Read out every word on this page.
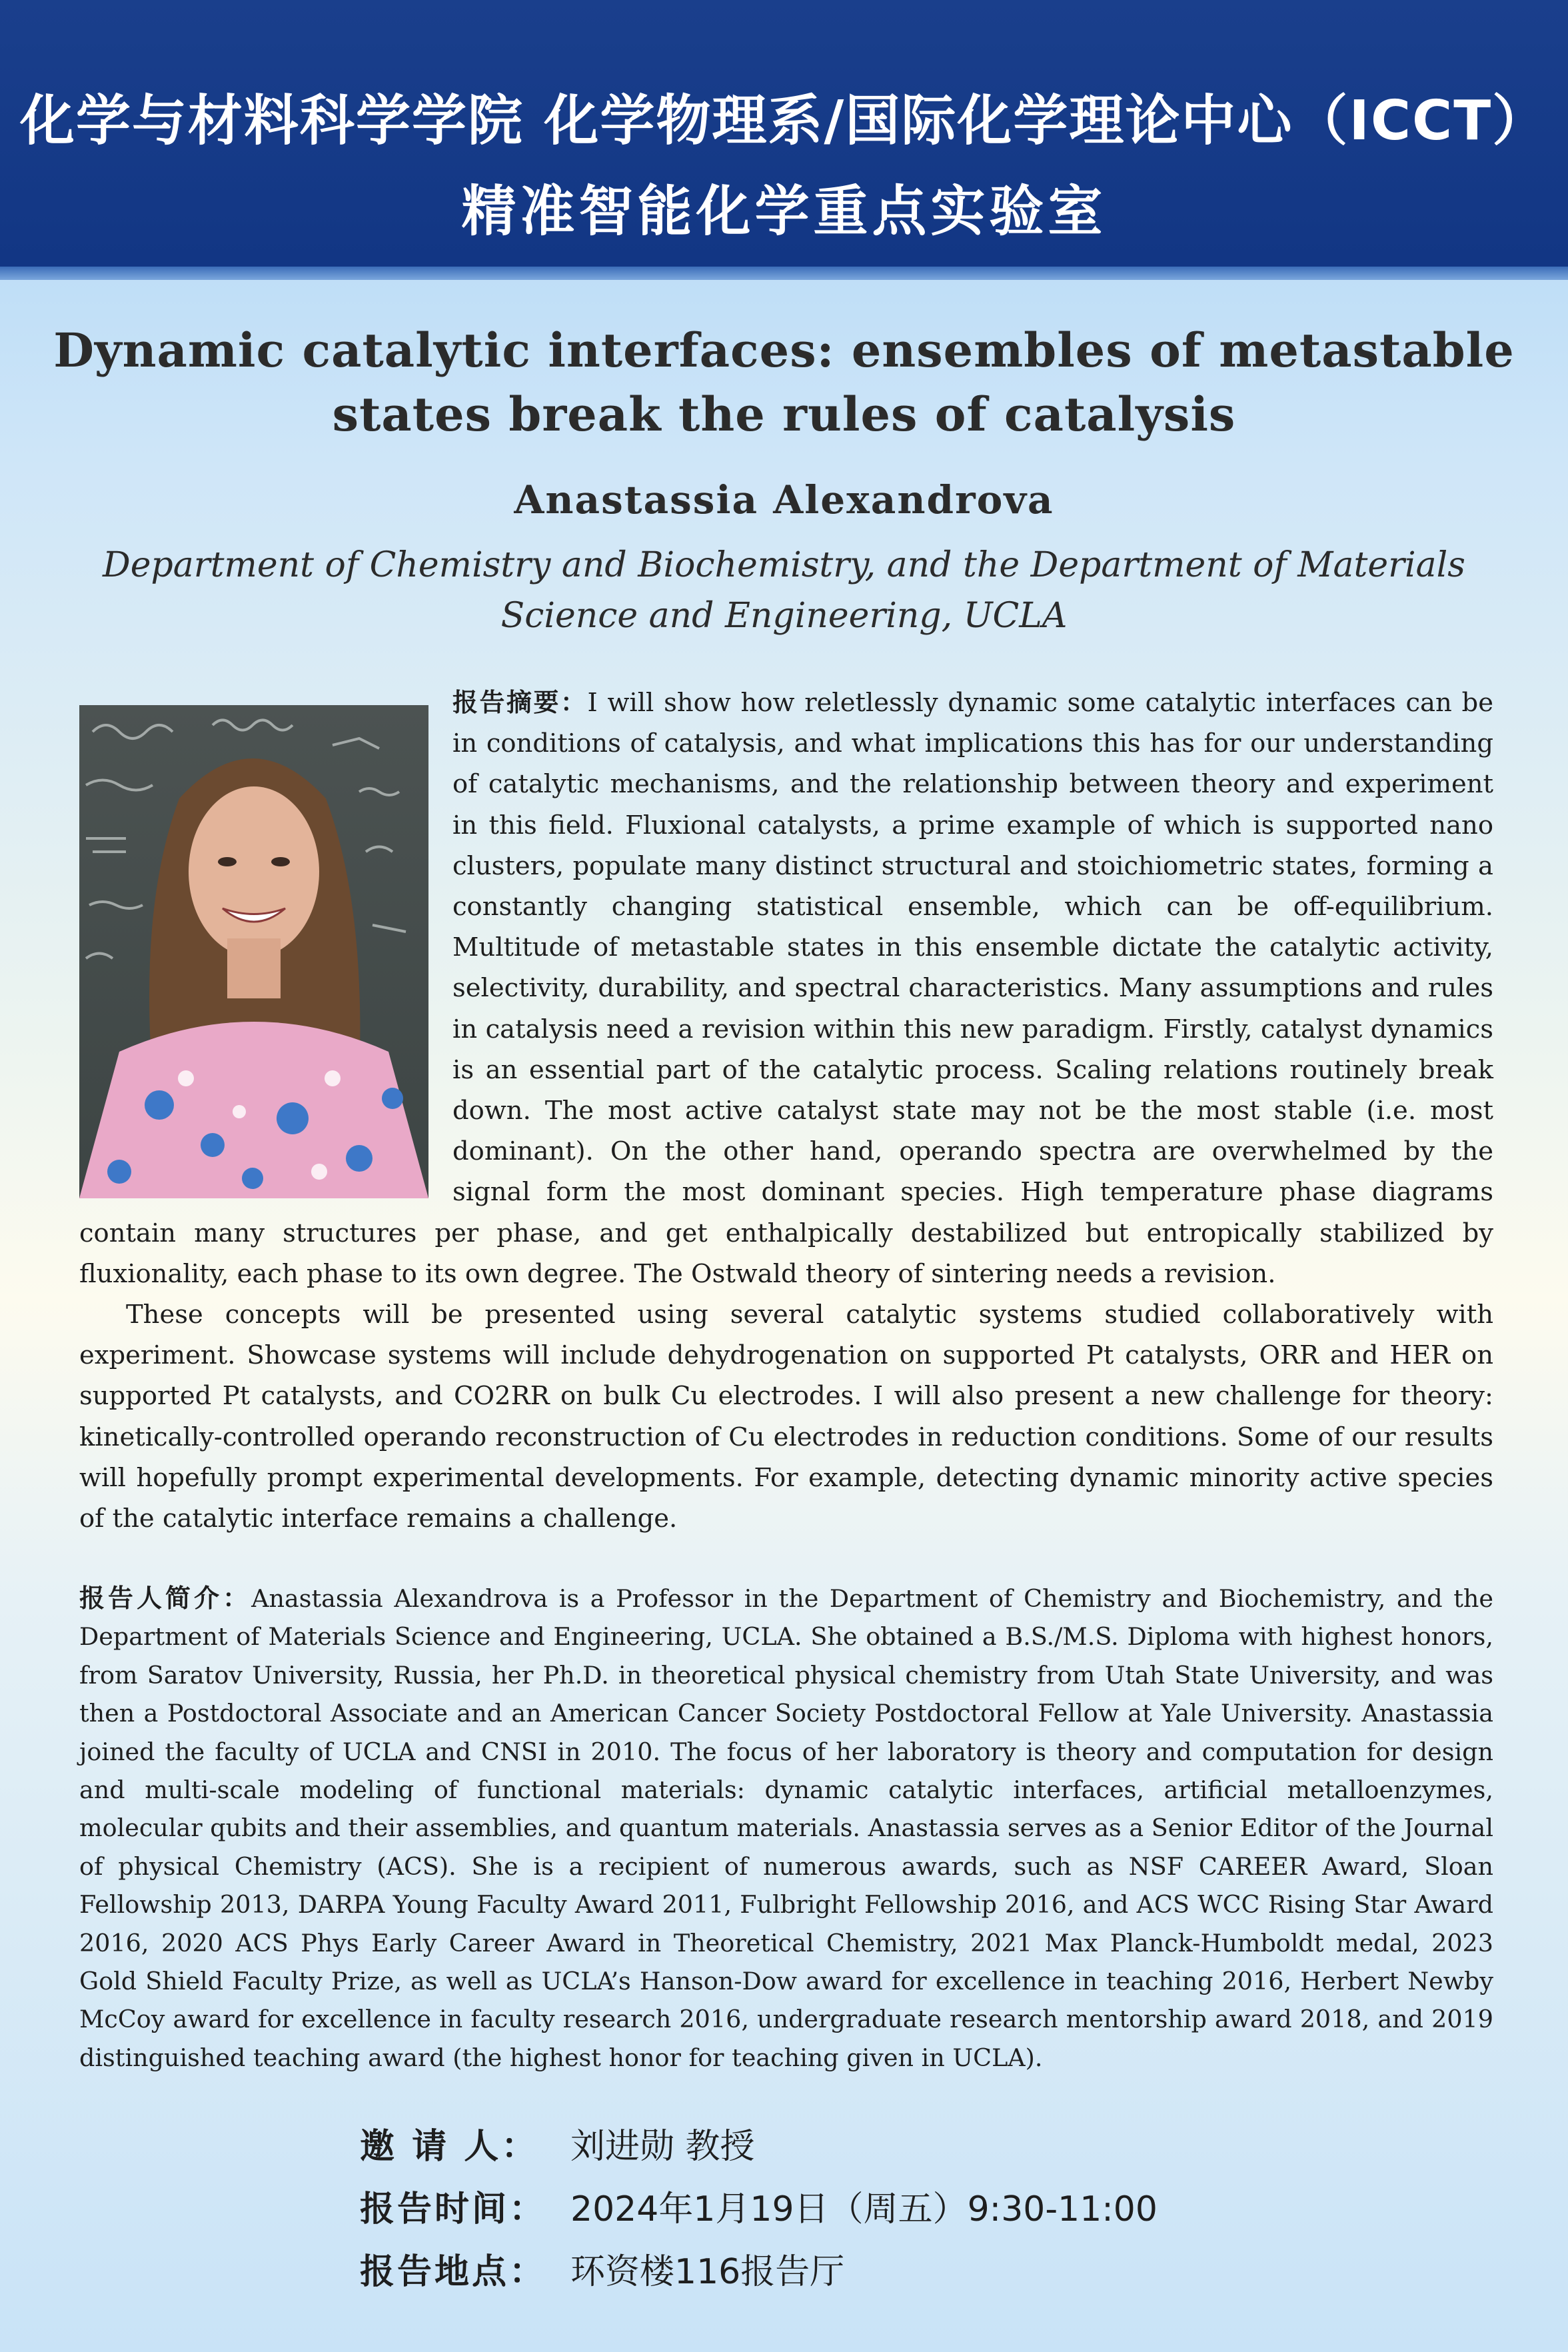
化学与材料科学学院 化学物理系/国际化学理论中心（ICCT）
精准智能化学重点实验室
Dynamic catalytic interfaces: ensembles of metastable states break the rules of catalysis
Anastassia Alexandrova
Department of Chemistry and Biochemistry, and the Department of Materials Science and Engineering, UCLA

报告摘要：I will show how reletlessly dynamic some catalytic interfaces can be in conditions of catalysis, and what implications this has for our understanding of catalytic mechanisms, and the relationship between theory and experiment in this field. Fluxional catalysts, a prime example of which is supported nano clusters, populate many distinct structural and stoichiometric states, forming a constantly changing statistical ensemble, which can be off-equilibrium. Multitude of metastable states in this ensemble dictate the catalytic activity, selectivity, durability, and spectral characteristics. Many assumptions and rules in catalysis need a revision within this new paradigm. Firstly, catalyst dynamics is an essential part of the catalytic process. Scaling relations routinely break down. The most active catalyst state may not be the most stable (i.e. most dominant). On the other hand, operando spectra are overwhelmed by the signal form the most dominant species. High temperature phase diagrams contain many structures per phase, and get enthalpically destabilized but entropically stabilized by fluxionality, each phase to its own degree. The Ostwald theory of sintering needs a revision.

These concepts will be presented using several catalytic systems studied collaboratively with experiment. Showcase systems will include dehydrogenation on supported Pt catalysts, ORR and HER on supported Pt catalysts, and CO2RR on bulk Cu electrodes. I will also present a new challenge for theory: kinetically-controlled operando reconstruction of Cu electrodes in reduction conditions. Some of our results will hopefully prompt experimental developments. For example, detecting dynamic minority active species of the catalytic interface remains a challenge.

报告人简介：Anastassia Alexandrova is a Professor in the Department of Chemistry and Biochemistry, and the Department of Materials Science and Engineering, UCLA. She obtained a B.S./M.S. Diploma with highest honors, from Saratov University, Russia, her Ph.D. in theoretical physical chemistry from Utah State University, and was then a Postdoctoral Associate and an American Cancer Society Postdoctoral Fellow at Yale University. Anastassia joined the faculty of UCLA and CNSI in 2010. The focus of her laboratory is theory and computation for design and multi-scale modeling of functional materials: dynamic catalytic interfaces, artificial metalloenzymes, molecular qubits and their assemblies, and quantum materials. Anastassia serves as a Senior Editor of the Journal of physical Chemistry (ACS). She is a recipient of numerous awards, such as NSF CAREER Award, Sloan Fellowship 2013, DARPA Young Faculty Award 2011, Fulbright Fellowship 2016, and ACS WCC Rising Star Award 2016, 2020 ACS Phys Early Career Award in Theoretical Chemistry, 2021 Max Planck-Humboldt medal, 2023 Gold Shield Faculty Prize, as well as UCLA’s Hanson-Dow award for excellence in teaching 2016, Herbert Newby McCoy award for excellence in faculty research 2016, undergraduate research mentorship award 2018, and 2019 distinguished teaching award (the highest honor for teaching given in UCLA).

邀 请 人： 刘进勋 教授
报告时间： 2024年1月19日（周五）9:30-11:00
报告地点： 环资楼116报告厅
